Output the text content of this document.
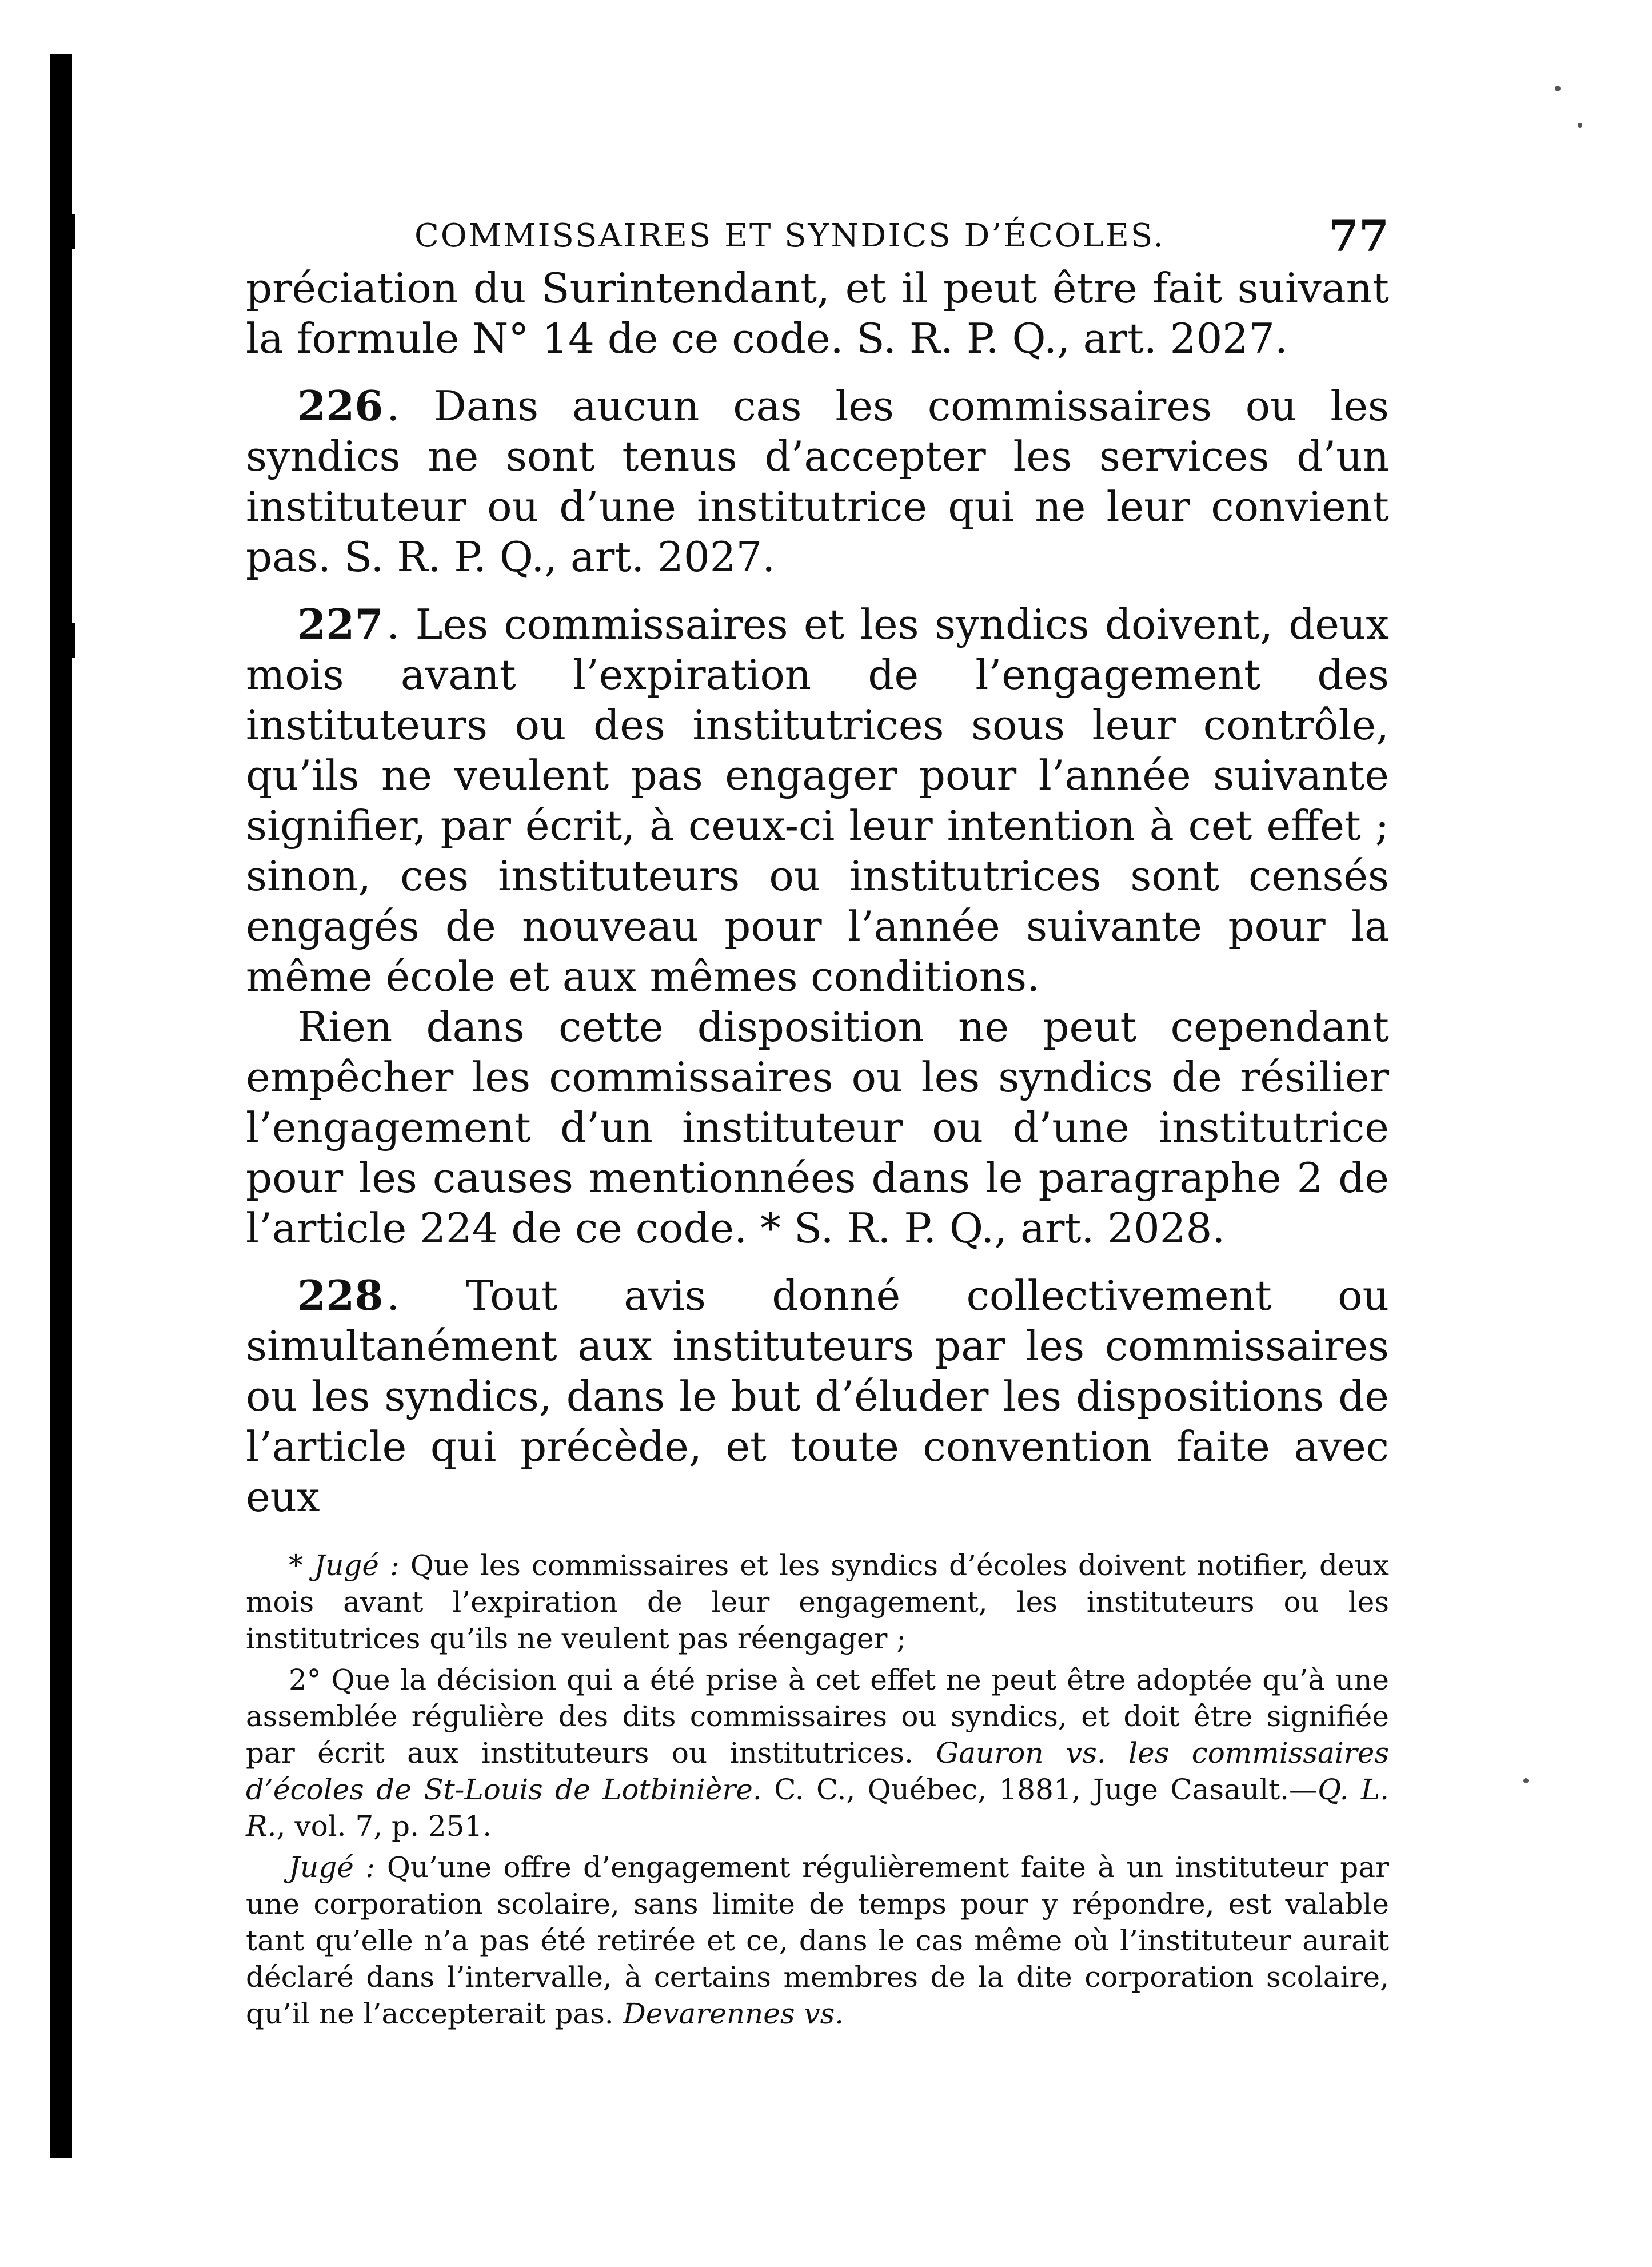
COMMISSAIRES ET SYNDICS D’ÉCOLES.	77

préciation du Surintendant, et il peut être fait suivant la formule N° 14 de ce code. S. R. P. Q., art. 2027.

226. Dans aucun cas les commissaires ou les syndics ne sont tenus d’accepter les services d’un instituteur ou d’une institutrice qui ne leur convient pas. S. R. P. Q., art. 2027.

227. Les commissaires et les syndics doivent, deux mois avant l’expiration de l’engagement des instituteurs ou des institutrices sous leur contrôle, qu’ils ne veulent pas engager pour l’année suivante signifier, par écrit, à ceux-ci leur intention à cet effet ; sinon, ces instituteurs ou institutrices sont censés engagés de nouveau pour l’année suivante pour la même école et aux mêmes conditions.

Rien dans cette disposition ne peut cependant empêcher les commissaires ou les syndics de résilier l’engagement d’un instituteur ou d’une institutrice pour les causes mentionnées dans le paragraphe 2 de l’article 224 de ce code. * S. R. P. Q., art. 2028.

228. Tout avis donné collectivement ou simultanément aux instituteurs par les commissaires ou les syndics, dans le but d’éluder les dispositions de l’article qui précède, et toute convention faite avec eux

* Jugé : Que les commissaires et les syndics d’écoles doivent notifier, deux mois avant l’expiration de leur engagement, les instituteurs ou les institutrices qu’ils ne veulent pas réengager ;

2° Que la décision qui a été prise à cet effet ne peut être adoptée qu’à une assemblée régulière des dits commissaires ou syndics, et doit être signifiée par écrit aux instituteurs ou institutrices. Gauron vs. les commissaires d’écoles de St-Louis de Lotbinière. C. C., Québec, 1881, Juge Casault.—Q. L. R., vol. 7, p. 251.

Jugé : Qu’une offre d’engagement régulièrement faite à un instituteur par une corporation scolaire, sans limite de temps pour y répondre, est valable tant qu’elle n’a pas été retirée et ce, dans le cas même où l’instituteur aurait déclaré dans l’intervalle, à certains membres de la dite corporation scolaire, qu’il ne l’accepterait pas. Devarennes vs.
